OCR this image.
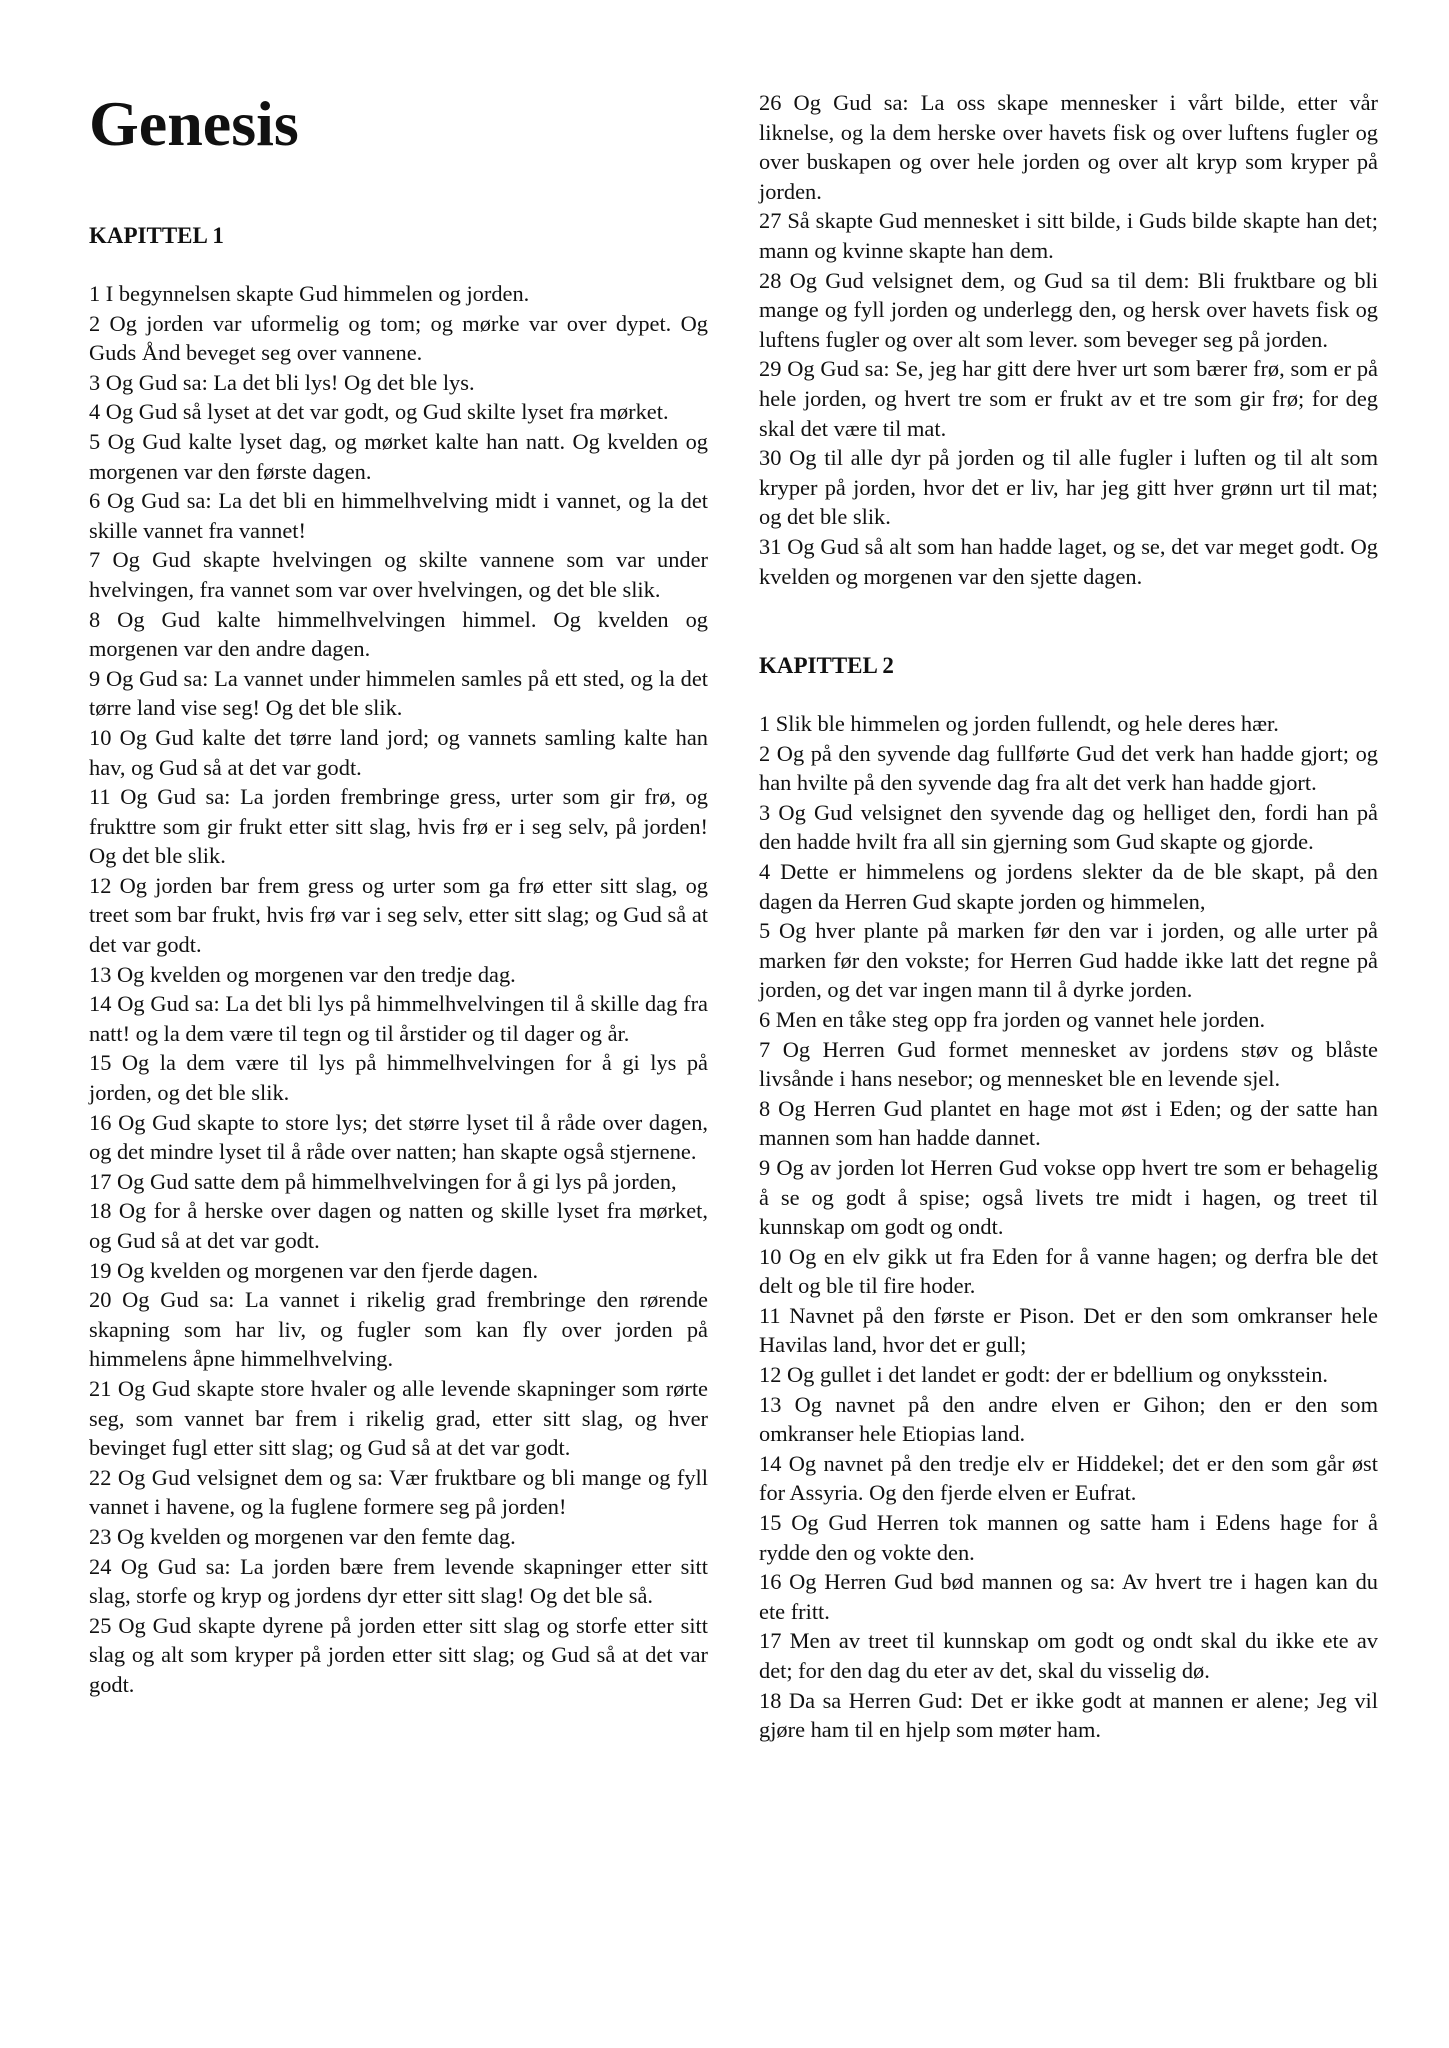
Genesis
KAPITTEL 1

1 I begynnelsen skapte Gud himmelen og jorden.

2 Og jorden var uformelig og tom; og mørke var over dypet. Og Guds Ånd beveget seg over vannene.

3 Og Gud sa: La det bli lys! Og det ble lys.

4 Og Gud så lyset at det var godt, og Gud skilte lyset fra mørket.

5 Og Gud kalte lyset dag, og mørket kalte han natt. Og kvelden og morgenen var den første dagen.

6 Og Gud sa: La det bli en himmelhvelving midt i vannet, og la det skille vannet fra vannet!

7 Og Gud skapte hvelvingen og skilte vannene som var under hvelvingen, fra vannet som var over hvelvingen, og det ble slik.

8 Og Gud kalte himmelhvelvingen himmel. Og kvelden og morgenen var den andre dagen.

9 Og Gud sa: La vannet under himmelen samles på ett sted, og la det tørre land vise seg! Og det ble slik.

10 Og Gud kalte det tørre land jord; og vannets samling kalte han hav, og Gud så at det var godt.

11 Og Gud sa: La jorden frembringe gress, urter som gir frø, og frukttre som gir frukt etter sitt slag, hvis frø er i seg selv, på jorden! Og det ble slik.

12 Og jorden bar frem gress og urter som ga frø etter sitt slag, og treet som bar frukt, hvis frø var i seg selv, etter sitt slag; og Gud så at det var godt.

13 Og kvelden og morgenen var den tredje dag.

14 Og Gud sa: La det bli lys på himmelhvelvingen til å skille dag fra natt! og la dem være til tegn og til årstider og til dager og år.

15 Og la dem være til lys på himmelhvelvingen for å gi lys på jorden, og det ble slik.

16 Og Gud skapte to store lys; det større lyset til å råde over dagen, og det mindre lyset til å råde over natten; han skapte også stjernene.

17 Og Gud satte dem på himmelhvelvingen for å gi lys på jorden,

18 Og for å herske over dagen og natten og skille lyset fra mørket, og Gud så at det var godt.

19 Og kvelden og morgenen var den fjerde dagen.

20 Og Gud sa: La vannet i rikelig grad frembringe den rørende skapning som har liv, og fugler som kan fly over jorden på himmelens åpne himmelhvelving.

21 Og Gud skapte store hvaler og alle levende skapninger som rørte seg, som vannet bar frem i rikelig grad, etter sitt slag, og hver bevinget fugl etter sitt slag; og Gud så at det var godt.

22 Og Gud velsignet dem og sa: Vær fruktbare og bli mange og fyll vannet i havene, og la fuglene formere seg på jorden!

23 Og kvelden og morgenen var den femte dag.

24 Og Gud sa: La jorden bære frem levende skapninger etter sitt slag, storfe og kryp og jordens dyr etter sitt slag! Og det ble så.

25 Og Gud skapte dyrene på jorden etter sitt slag og storfe etter sitt slag og alt som kryper på jorden etter sitt slag; og Gud så at det var godt.

26 Og Gud sa: La oss skape mennesker i vårt bilde, etter vår liknelse, og la dem herske over havets fisk og over luftens fugler og over buskapen og over hele jorden og over alt kryp som kryper på jorden.

27 Så skapte Gud mennesket i sitt bilde, i Guds bilde skapte han det; mann og kvinne skapte han dem.

28 Og Gud velsignet dem, og Gud sa til dem: Bli fruktbare og bli mange og fyll jorden og underlegg den, og hersk over havets fisk og luftens fugler og over alt som lever. som beveger seg på jorden.

29 Og Gud sa: Se, jeg har gitt dere hver urt som bærer frø, som er på hele jorden, og hvert tre som er frukt av et tre som gir frø; for deg skal det være til mat.

30 Og til alle dyr på jorden og til alle fugler i luften og til alt som kryper på jorden, hvor det er liv, har jeg gitt hver grønn urt til mat; og det ble slik.

31 Og Gud så alt som han hadde laget, og se, det var meget godt. Og kvelden og morgenen var den sjette dagen.

KAPITTEL 2

1 Slik ble himmelen og jorden fullendt, og hele deres hær.

2 Og på den syvende dag fullførte Gud det verk han hadde gjort; og han hvilte på den syvende dag fra alt det verk han hadde gjort.

3 Og Gud velsignet den syvende dag og helliget den, fordi han på den hadde hvilt fra all sin gjerning som Gud skapte og gjorde.

4 Dette er himmelens og jordens slekter da de ble skapt, på den dagen da Herren Gud skapte jorden og himmelen,

5 Og hver plante på marken før den var i jorden, og alle urter på marken før den vokste; for Herren Gud hadde ikke latt det regne på jorden, og det var ingen mann til å dyrke jorden.

6 Men en tåke steg opp fra jorden og vannet hele jorden.

7 Og Herren Gud formet mennesket av jordens støv og blåste livsånde i hans nesebor; og mennesket ble en levende sjel.

8 Og Herren Gud plantet en hage mot øst i Eden; og der satte han mannen som han hadde dannet.

9 Og av jorden lot Herren Gud vokse opp hvert tre som er behagelig å se og godt å spise; også livets tre midt i hagen, og treet til kunnskap om godt og ondt.

10 Og en elv gikk ut fra Eden for å vanne hagen; og derfra ble det delt og ble til fire hoder.

11 Navnet på den første er Pison. Det er den som omkranser hele Havilas land, hvor det er gull;

12 Og gullet i det landet er godt: der er bdellium og onyksstein.

13 Og navnet på den andre elven er Gihon; den er den som omkranser hele Etiopias land.

14 Og navnet på den tredje elv er Hiddekel; det er den som går øst for Assyria. Og den fjerde elven er Eufrat.

15 Og Gud Herren tok mannen og satte ham i Edens hage for å rydde den og vokte den.

16 Og Herren Gud bød mannen og sa: Av hvert tre i hagen kan du ete fritt.

17 Men av treet til kunnskap om godt og ondt skal du ikke ete av det; for den dag du eter av det, skal du visselig dø.

18 Da sa Herren Gud: Det er ikke godt at mannen er alene; Jeg vil gjøre ham til en hjelp som møter ham.
